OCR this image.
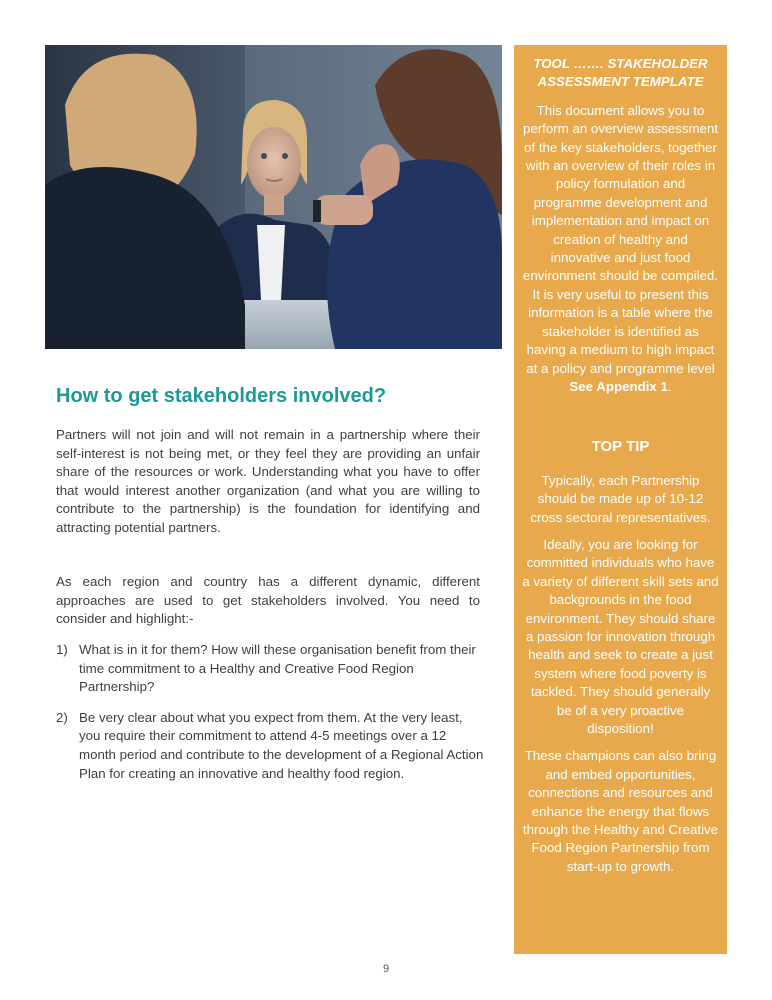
How to get stakeholders involved?

Partners will not join and will not remain in a partnership where their self-interest is not being met, or they feel they are providing an unfair share of the resources or work. Understanding what you have to offer that would interest another organization (and what you are willing to contribute to the partnership) is the foundation for identifying and attracting potential partners.

As each region and country has a different dynamic, different approaches are used to get stakeholders involved. You need to consider and highlight:-

1) What is in it for them? How will these organisation benefit from their time commitment to a Healthy and Creative Food Region Partnership?
2) Be very clear about what you expect from them. At the very least, you require their commitment to attend 4-5 meetings over a 12 month period and contribute to the development of a Regional Action Plan for creating an innovative and healthy food region.

TOOL ……. STAKEHOLDER ASSESSMENT TEMPLATE

This document allows you to perform an overview assessment of the key stakeholders, together with an overview of their roles in policy formulation and programme development and implementation and impact on creation of healthy and innovative and just food environment should be compiled. It is very useful to present this information is a table where the stakeholder is identified as having a medium to high impact at a policy and programme level
See Appendix 1.

TOP TIP

Typically, each Partnership should be made up of 10-12 cross sectoral representatives.

Ideally, you are looking for committed individuals who have a variety of different skill sets and backgrounds in the food environment. They should share a passion for innovation through health and seek to create a just system where food poverty is tackled. They should generally be of a very proactive disposition!

These champions can also bring and embed opportunities, connections and resources and enhance the energy that flows through the Healthy and Creative Food Region Partnership from start-up to growth.

9
